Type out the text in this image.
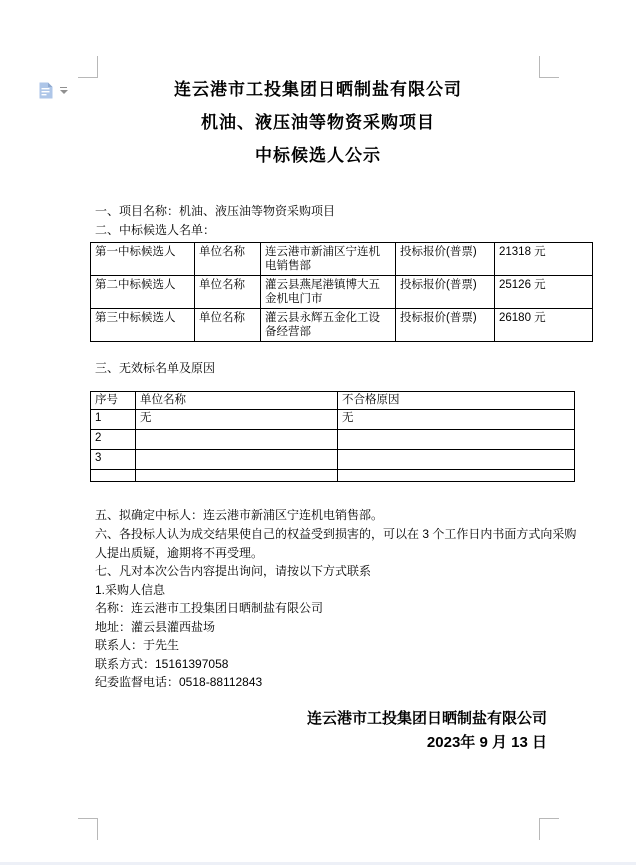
连云港市工投集团日晒制盐有限公司
机油、液压油等物资采购项目
中标候选人公示
一、项目名称：机油、液压油等物资采购项目
二、中标候选人名单：
第一中标候选人	单位名称	连云港市新浦区宁连机电销售部	投标报价(普票)	21318 元
第二中标候选人	单位名称	灌云县燕尾港镇博大五金机电门市	投标报价(普票)	25126 元
第三中标候选人	单位名称	灌云县永辉五金化工设备经营部	投标报价(普票)	26180 元
三、无效标名单及原因
序号	单位名称	不合格原因
1	无	无
2		
3		

五、拟确定中标人：连云港市新浦区宁连机电销售部。
六、各投标人认为成交结果使自己的权益受到损害的，可以在 3 个工作日内书面方式向采购
人提出质疑，逾期将不再受理。
七、凡对本次公告内容提出询问，请按以下方式联系
1.采购人信息
名称：连云港市工投集团日晒制盐有限公司
地址：灌云县灌西盐场
联系人：于先生
联系方式：15161397058
纪委监督电话：0518-88112843
连云港市工投集团日晒制盐有限公司
2023年 9 月 13 日
